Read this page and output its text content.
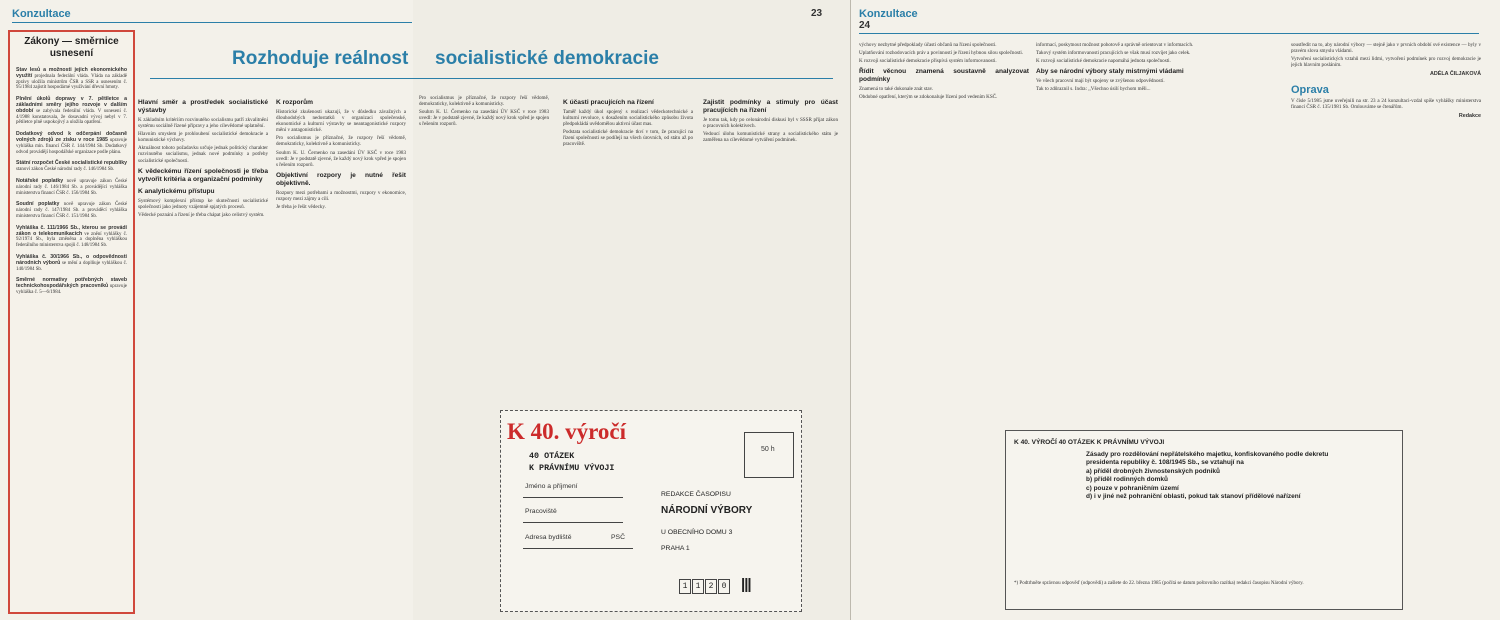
Konzultace
Zákony — směrnice usnesení
Stav lesů a možnosti jejich ekonomického využití projednala federální vláda. Vláda na základě zprávy uložila ministrům ČSR a SSR a usnesením č. 95/1984 zajistit hospodárné využívání dřevní hmoty.
Plnění úkolů dopravy v 7. pětiletce a základními směry jejího rozvoje v dalším období se zabývala federální vláda. V usnesení č. 4/1988 konstatovala, že dosavadní vývoj nebyl v 7. pětiletce plně uspokojivý a uložila opatření.
Dodatkový odvod k odčerpání dočasně volných zdrojů ze zisku v roce 1985 upravuje vyhláška min. financí ČSR č. 144/1984 Sb. Dodatkový odvod provádějí hospodářské organizace podle plánu.
Státní rozpočet České socialistické republiky stanoví zákon České národní rady č. 146/1984 Sb.
Notářské poplatky nově upravuje zákon České národní rady č. 146/1984 Sb. a provádějící vyhláška ministerstva financí ČSR č. 156/1984 Sb.
Soudní poplatky nově upravuje zákon České národní rady č. 147/1984 Sb. a prováděcí vyhláška ministerstva financí ČSR č. 151/1984 Sb.
Vyhláška č. 111/1966 Sb., kterou se provádí zákon o telekomunikacích ve znění vyhlášky č. 92/1974 Sb., byla změněna a doplněna vyhláškou federálního ministerstva spojů č. 148/1984 Sb.
Vyhláška č. 30/1966 Sb., o odpovědnosti národních výborů se mění a doplňuje vyhláškou č. 140/1984 Sb.
Směrné normativy potřebných staveb technickohospodářských pracovníků upravuje vyhláška č. 5—6/1984.
Rozhoduje reálnost
Hlavní směr a prostředek socialistické výstavby

K základním kritériím rozvinutého socialismu patří zkvalitnění systému sociálně řízené přípravy a jeho cílevědomé uplatnění.

Hlavním smyslem je prohloubení socialistické demokracie a komunistické výchovy.

Aktuálnost tohoto požadavku určuje jednak politický charakter rozvinutého socialismu, jednak nové podmínky a potřeby socialistické společnosti.

K vědeckému řízení společnosti je třeba vytvořit kritéria a organizační podmínky
K analytickému přístupu

Systémový komplexní přístup ke skutečnosti socialistické společnosti jako jednoty vzájemně spjatých procesů.

Vědecké poznání a řízení je třeba chápat jako celistvý systém.

K rozporům

Historické zkušenosti ukazují, že v důsledku závažných a dlouhodobých nedostatků v organizaci společenské, ekonomické a kulturní výstavby se neantagonistické rozpory mění v antagonistické.

Pro socialismus je příznačné, že rozpory řeší vědomě, demokraticky, kolektivně a komunisticky.

Souhrn K. U. Černenko na zasedání ÚV KSČ v roce 1983 uvedl: Je v podstatě zjevné, že každý nový krok vpřed je spojen s řešením rozporů.

Objektivní rozpory je nutné řešit objektivně.

Rozpory mezi potřebami a možnostmi, rozpory v ekonomice, rozpory mezi zájmy a cíli.

Je třeba je řešit vědecky.

23
socialistické demokracie

Pro socialismus je příznačné, že rozpory řeší vědomě, demokraticky, kolektivně a komunisticky.

Souhrn K. U. Černenko na zasedání ÚV KSČ v roce 1983 uvedl: Je v podstatě zjevné, že každý nový krok vpřed je spojen s řešením rozporů.

K účasti pracujících na řízení

Taměř každý úkol spojený s realizací vědeckotechnické a kulturní revoluce, s dosažením socialistického způsobu života předpokládá uvědomělou aktivní účast mas.

Podstata socialistické demokracie tkví v tom, že pracující na řízení společnosti se podílejí na všech úrovních, od státu až po pracoviště.

Zajistit podmínky a stimuly pro účast pracujících na řízení

Je tomu tak, kdy po celonárodní diskusi byl v SSSR přijat zákon o pracovních kolektivech.

Vedoucí úlohu komunistické strany a socialistického státu je zaměřena na cílevědomé vytváření podmínek.

K 40. výročí
40 OTÁZEK
K PRÁVNÍMU VÝVOJI
50 h
Jméno a příjmení
Pracoviště
Adresa bydliště	PSČ
REDAKCE ČASOPISU
NÁRODNÍ VÝBORY
U OBECNÍHO DOMU 3
PRAHA 1
1	1	2	0 |||
Konzultace
24

výchovy nezbytné předpoklady účasti občanů na řízení společnosti.

Uplatňování rozhodovacích práv a povinností je řízení hybnou silou společnosti.

K rozvoji socialistické demokracie přispívá systém informovanosti.

Řídit věcnou znamená soustavně analyzovat podmínky

Znamená to také dokonale znát stav.

Obdobné opatření, kterým se zdokonaluje řízení pod vedením KSČ.

informací, poskytnout možnost pohotově a správně orientovat v informacích.

Takový systém informovanosti pracujících se však musí rozvíjet jako celek.

K rozvoji socialistické demokracie napomáhá jednota společnosti.

Aby se národní výbory staly mistrnými vládami

Ve všech pracovní mají být spojeny se zvýšenou odpovědností.

Tak to zdůraznil s. Indra: ,,Všechno úsilí bychom měli...

soustředit na to, aby národní výbory — stejně jako v prvních období své existence — byly v pravém slova smyslu vládami.

Vytvoření socialistických vztahů mezi lidmi, vytvoření podmínek pro rozvoj demokracie je jejich hlavním posláním.

ADÉLA ČILJAKOVÁ
Oprava

V čísle 5/1985 jsme uveřejnili na str. 23 a 24 konzultaci-vzdal spíše vyhlášky ministerstva financí ČSR č. 135/1981 Sb. Omlouváme se čtenářům.

Redakce
K 40. VÝROČÍ 40 OTÁZEK K PRÁVNÍMU VÝVOJI
Zásady pro rozdělování nepřátelského majetku, konfiskovaného podle dekretu presidenta republiky č. 108/1945 Sb., se vztahují na
a) příděl drobných živnostenských podniků
b) příděl rodinných domků
c) pouze v pohraničním území
d) i v jiné než pohraniční oblasti, pokud tak stanoví přídělové nařízení
*) Podtrhněte správnou odpověď (odpovědi) a zašlete do 22. března 1985 (počítá se datum poštovního razítka) redakci časopisu Národní výbory.
